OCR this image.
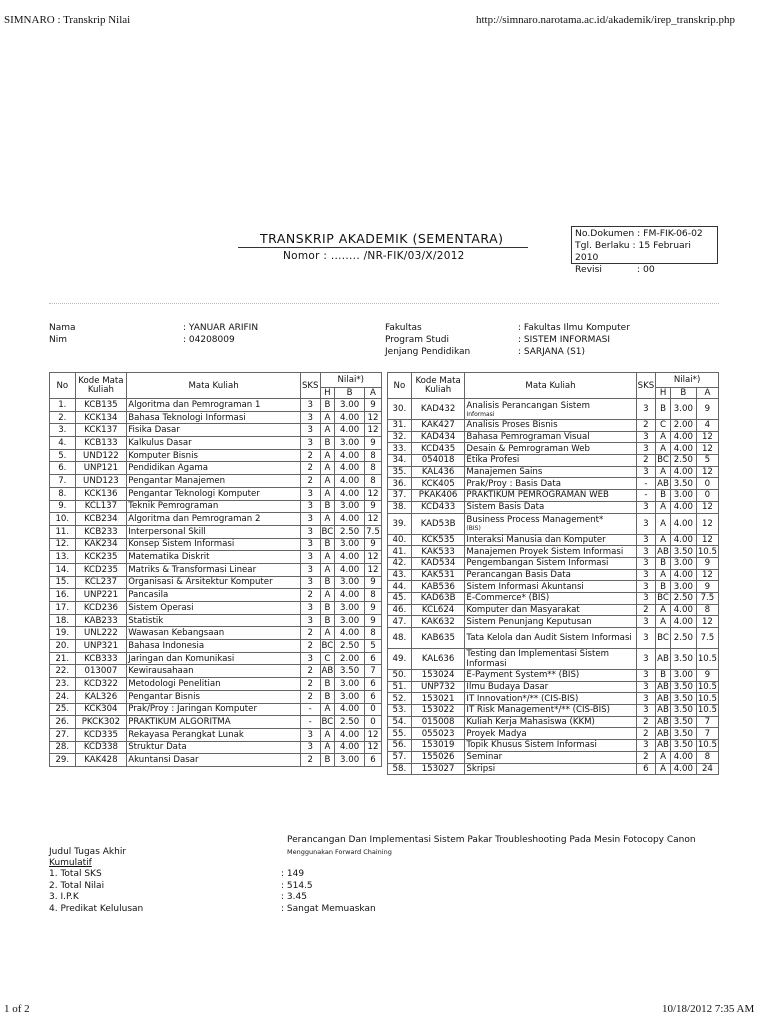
SIMNARO : Transkrip Nilai	http://simnaro.narotama.ac.id/akademik/irep_transkrip.php
1 of 2	10/18/2012 7:35 AM
TRANSKRIP AKADEMIK (SEMENTARA)
Nomor : ........ /NR-FIK/03/X/2012
No.Dokumen : FM-FIK-06-02
Tgl. Berlaku : 15 Februari 2010
Revisi	: 00
Nama	: YANUAR ARIFIN
Nim	: 04208009
Fakultas	: Fakultas Ilmu Komputer
Program Studi	: SISTEM INFORMASI
Jenjang Pendidikan	: SARJANA (S1)
No	Kode Mata Kuliah	Mata Kuliah	SKS	Nilai*)		
				H	B	A
1.	KCB135	Algoritma dan Pemrograman 1	3	B	3.00	9
2.	KCK134	Bahasa Teknologi Informasi	3	A	4.00	12
3.	KCK137	Fisika Dasar	3	A	4.00	12
4.	KCB133	Kalkulus Dasar	3	B	3.00	9
5.	UND122	Komputer Bisnis	2	A	4.00	8
6.	UNP121	Pendidikan Agama	2	A	4.00	8
7.	UND123	Pengantar Manajemen	2	A	4.00	8
8.	KCK136	Pengantar Teknologi Komputer	3	A	4.00	12
9.	KCL137	Teknik Pemrograman	3	B	3.00	9
10.	KCB234	Algoritma dan Pemrograman 2	3	A	4.00	12
11.	KCB233	Interpersonal Skill	3	BC	2.50	7.5
12.	KAK234	Konsep Sistem Informasi	3	B	3.00	9
13.	KCK235	Matematika Diskrit	3	A	4.00	12
14.	KCD235	Matriks & Transformasi Linear	3	A	4.00	12
15.	KCL237	Organisasi & Arsitektur Komputer	3	B	3.00	9
16.	UNP221	Pancasila	2	A	4.00	8
17.	KCD236	Sistem Operasi	3	B	3.00	9
18.	KAB233	Statistik	3	B	3.00	9
19.	UNL222	Wawasan Kebangsaan	2	A	4.00	8
20.	UNP321	Bahasa Indonesia	2	BC	2.50	5
21.	KCB333	Jaringan dan Komunikasi	3	C	2.00	6
22.	013007	Kewirausahaan	2	AB	3.50	7
23.	KCD322	Metodologi Penelitian	2	B	3.00	6
24.	KAL326	Pengantar Bisnis	2	B	3.00	6
25.	KCK304	Prak/Proy : Jaringan Komputer	-	A	4.00	0
26.	PKCK302	PRAKTIKUM ALGORITMA	-	BC	2.50	0
27.	KCD335	Rekayasa Perangkat Lunak	3	A	4.00	12
28.	KCD338	Struktur Data	3	A	4.00	12
29.	KAK428	Akuntansi Dasar	2	B	3.00	6
No	Kode Mata Kuliah	Mata Kuliah	SKS	Nilai*)		
				H	B	A
30.	KAD432	Analisis Perancangan Sistem
Informasi	3	B	3.00	9
31.	KAK427	Analisis Proses Bisnis	2	C	2.00	4
32.	KAD434	Bahasa Pemrograman Visual	3	A	4.00	12
33.	KCD435	Desain & Pemrograman Web	3	A	4.00	12
34.	054018	Etika Profesi	2	BC	2.50	5
35.	KAL436	Manajemen Sains	3	A	4.00	12
36.	KCK405	Prak/Proy : Basis Data	-	AB	3.50	0
37.	PKAK406	PRAKTIKUM PEMROGRAMAN WEB	-	B	3.00	0
38.	KCD433	Sistem Basis Data	3	A	4.00	12
39.	KAD53B	Business Process Management*
(BIS)	3	A	4.00	12
40.	KCK535	Interaksi Manusia dan Komputer	3	A	4.00	12
41.	KAK533	Manajemen Proyek Sistem Informasi	3	AB	3.50	10.5
42.	KAD534	Pengembangan Sistem Informasi	3	B	3.00	9
43.	KAK531	Perancangan Basis Data	3	A	4.00	12
44.	KAB536	Sistem Informasi Akuntansi	3	B	3.00	9
45.	KAD63B	E-Commerce* (BIS)	3	BC	2.50	7.5
46.	KCL624	Komputer dan Masyarakat	2	A	4.00	8
47.	KAK632	Sistem Penunjang Keputusan	3	A	4.00	12
48.	KAB635	Tata Kelola dan Audit Sistem Informasi	3	BC	2.50	7.5
49.	KAL636	Testing dan Implementasi Sistem Informasi	3	AB	3.50	10.5
50.	153024	E-Payment System** (BIS)	3	B	3.00	9
51.	UNP732	Ilmu Budaya Dasar	3	AB	3.50	10.5
52.	153021	IT Innovation*/** (CIS-BIS)	3	AB	3.50	10.5
53.	153022	IT Risk Management*/** (CIS-BIS)	3	AB	3.50	10.5
54.	015008	Kuliah Kerja Mahasiswa (KKM)	2	AB	3.50	7
55.	055023	Proyek Madya	2	AB	3.50	7
56.	153019	Topik Khusus Sistem Informasi	3	AB	3.50	10.5
57.	155026	Seminar	2	A	4.00	8
58.	153027	Skripsi	6	A	4.00	24
Perancangan Dan Implementasi Sistem Pakar Troubleshooting Pada Mesin Fotocopy Canon
Menggunakan Forward Chaining
Judul Tugas Akhir
Kumulatif
1. Total SKS	: 149
2. Total Nilai	: 514.5
3. I.P.K	: 3.45
4. Predikat Kelulusan	: Sangat Memuaskan
